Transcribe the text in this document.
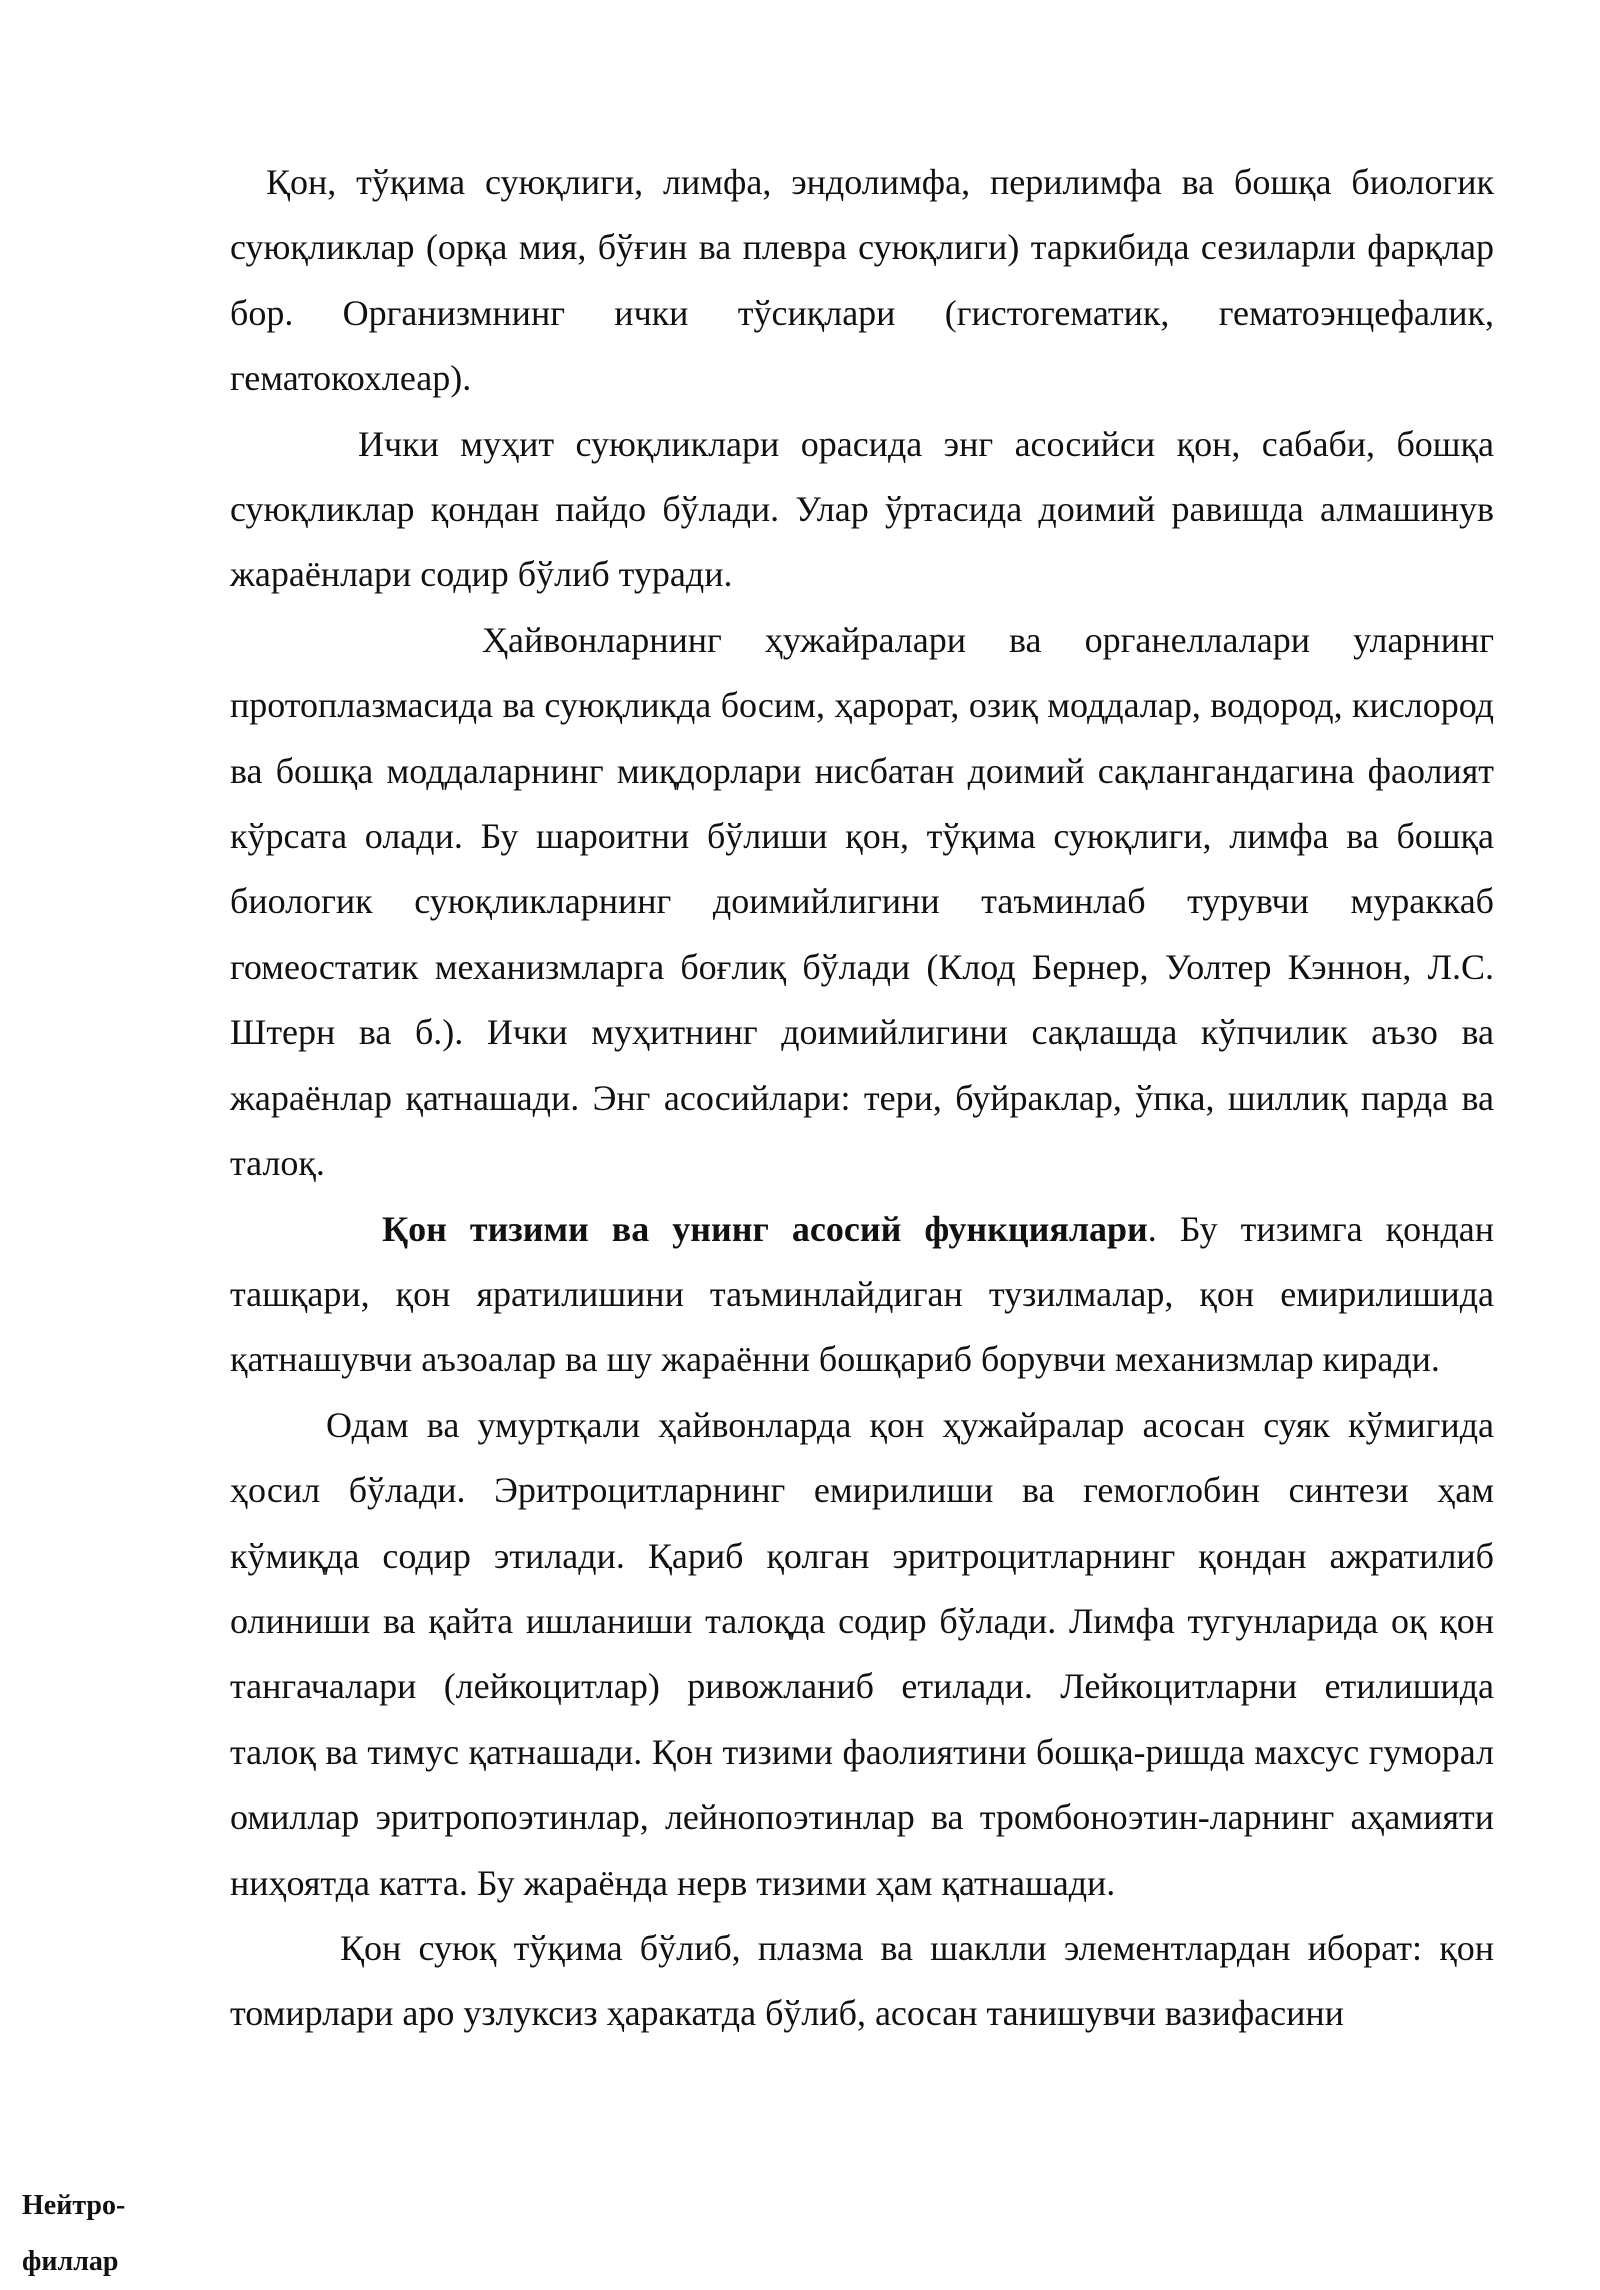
Қон, тўқима суюқлиги, лимфа, эндолимфа, перилимфа ва бошқа биологик суюқликлар (орқа мия, бўғин ва плевра суюқлиги) таркибида сезиларли фарқлар бор. Организмнинг ички тўсиқлари (гистогематик, гематоэнцефалик, гематокохлеар).

Ички муҳит суюқликлари орасида энг асосийси қон, сабаби, бошқа суюқликлар қондан пайдо бўлади. Улар ўртасида доимий равишда алмашинув жараёнлари содир бўлиб туради.

Ҳайвонларнинг ҳужайралари ва органеллалари уларнинг протоплазмасида ва суюқликда босим, ҳарорат, озиқ моддалар, водород, кислород ва бошқа моддаларнинг миқдорлари нисбатан доимий сақлангандагина фаолият кўрсата олади. Бу шароитни бўлиши қон, тўқима суюқлиги, лимфа ва бошқа биологик суюқликларнинг доимийлигини таъминлаб турувчи мураккаб гомеостатик механизмларга боғлиқ бўлади (Клод Бернер, Уолтер Кэннон, Л.С. Штерн ва б.). Ички муҳитнинг доимийлигини сақлашда кўпчилик аъзо ва жараёнлар қатнашади. Энг асосийлари: тери, буйраклар, ўпка, шиллиқ парда ва талоқ.

Қон тизими ва унинг асосий функциялари. Бу тизимга қондан ташқари, қон яратилишини таъминлайдиган тузилмалар, қон емирилишида қатнашувчи аъзоалар ва шу жараённи бошқариб борувчи механизмлар киради.

Одам ва умуртқали ҳайвонларда қон ҳужайралар асосан суяк кўмигида ҳосил бўлади. Эритроцитларнинг емирилиши ва гемоглобин синтези ҳам кўмиқда содир этилади. Қариб қолган эритроцитларнинг қондан ажратилиб олиниши ва қайта ишланиши талоқда содир бўлади. Лимфа тугунларида оқ қон тангачалари (лейкоцитлар) ривожланиб етилади. Лейкоцитларни етилишида талоқ ва тимус қатнашади. Қон тизими фаолиятини бошқа-ришда махсус гуморал омиллар эритропоэтинлар, лейнопоэтинлар ва тромбоноэтин-ларнинг аҳамияти ниҳоятда катта. Бу жараёнда нерв тизими ҳам қатнашади.

Қон суюқ тўқима бўлиб, плазма ва шаклли элементлардан иборат: қон томирлари аро узлуксиз ҳаракатда бўлиб, асосан танишувчи вазифасини

Нейтро-
филлар
